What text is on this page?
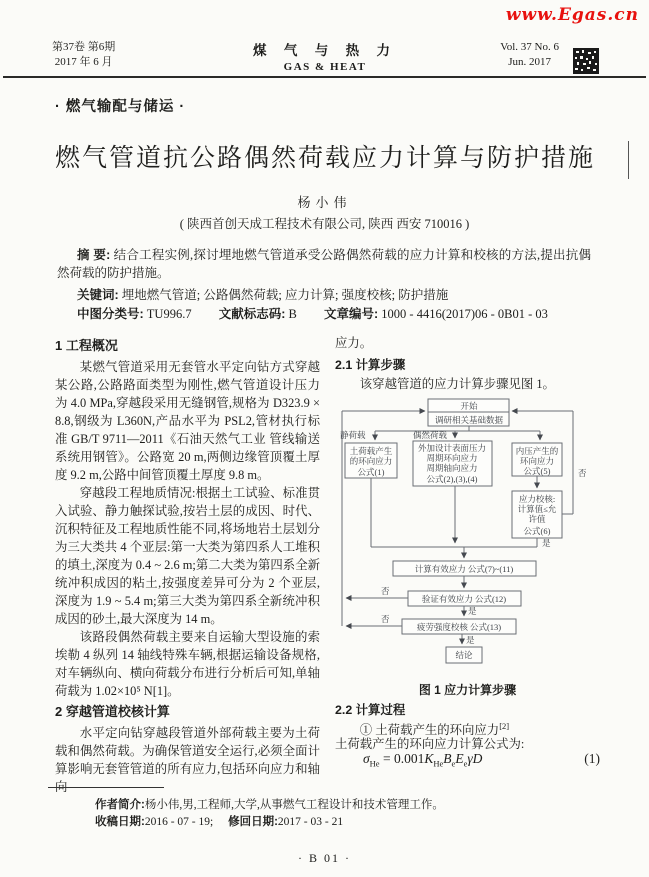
www.Egas.cn
第37卷 第6期
2017 年 6 月
煤 气 与 热 力
GAS & HEAT
Vol. 37 No. 6
Jun. 2017
· 燃气输配与储运 ·
燃气管道抗公路偶然荷载应力计算与防护措施
杨小伟
( 陕西首创天成工程技术有限公司, 陕西 西安 710016 )
摘 要: 结合工程实例,探讨埋地燃气管道承受公路偶然荷载的应力计算和校核的方法,提出抗偶然荷载的防护措施。
关键词: 埋地燃气管道; 公路偶然荷载; 应力计算; 强度校核; 防护措施
中图分类号: TU996.7 文献标志码: B 文章编号: 1000 - 4416(2017)06 - 0B01 - 03
1 工程概况

某燃气管道采用无套管水平定向钻方式穿越某公路,公路路面类型为刚性,燃气管道设计压力为 4.0 MPa,穿越段采用无缝钢管,规格为 D323.9 × 8.8,钢级为 L360N,产品水平为 PSL2,管材执行标准 GB/T 9711—2011《石油天然气工业 管线输送系统用钢管》。公路宽 20 m,两侧边缘管顶覆土厚度 9.2 m,公路中间管顶覆土厚度 9.8 m。

穿越段工程地质情况:根据土工试验、标准贯入试验、静力触探试验,按岩土层的成因、时代、沉积特征及工程地质性能不同,将场地岩土层划分为三大类共 4 个亚层:第一大类为第四系人工堆积的填土,深度为 0.4 ~ 2.6 m;第二大类为第四系全新统冲积成因的粘土,按强度差异可分为 2 个亚层,深度为 1.9 ~ 5.4 m;第三大类为第四系全新统冲积成因的砂土,最大深度为 14 m。

该路段偶然荷载主要来自运输大型设施的索埃勒 4 纵列 14 轴线特殊车辆,根据运输设备规格,对车辆纵向、横向荷载分布进行分析后可知,单轴荷载为 1.02×10⁵ N[1]。

2 穿越管道校核计算

水平定向钻穿越段管道外部荷载主要为土荷载和偶然荷载。为确保管道安全运行,必须全面计算影响无套管管道的所有应力,包括环向应力和轴向

应力。

2.1 计算步骤

该穿越管道的应力计算步骤见图 1。

开始
调研相关基础数据
静荷载	偶然荷载
土荷载产生
的环向应力
公式(1)
外加设计表面压力
周期环向应力
周期轴向应力
公式(2),(3),(4)
内压产生的
环向应力
公式(5)
应力校核:
计算值≤允
许值
公式(6)
否
是
计算有效应力 公式(7)~(11)
验证有效应力 公式(12)
否
是
疲劳强度校核 公式(13)
否
是
结论
图 1 应力计算步骤
2.2 计算过程

① 土荷载产生的环向应力[2]

土荷载产生的环向应力计算公式为:

$\sigma_{He} = 0.001K_{He}B_eE_e\gamma D$	(1)
作者简介:杨小伟,男,工程师,大学,从事燃气工程设计和技术管理工作。
收稿日期:2016 - 07 - 19; 修回日期:2017 - 03 - 21
· B 01 ·
